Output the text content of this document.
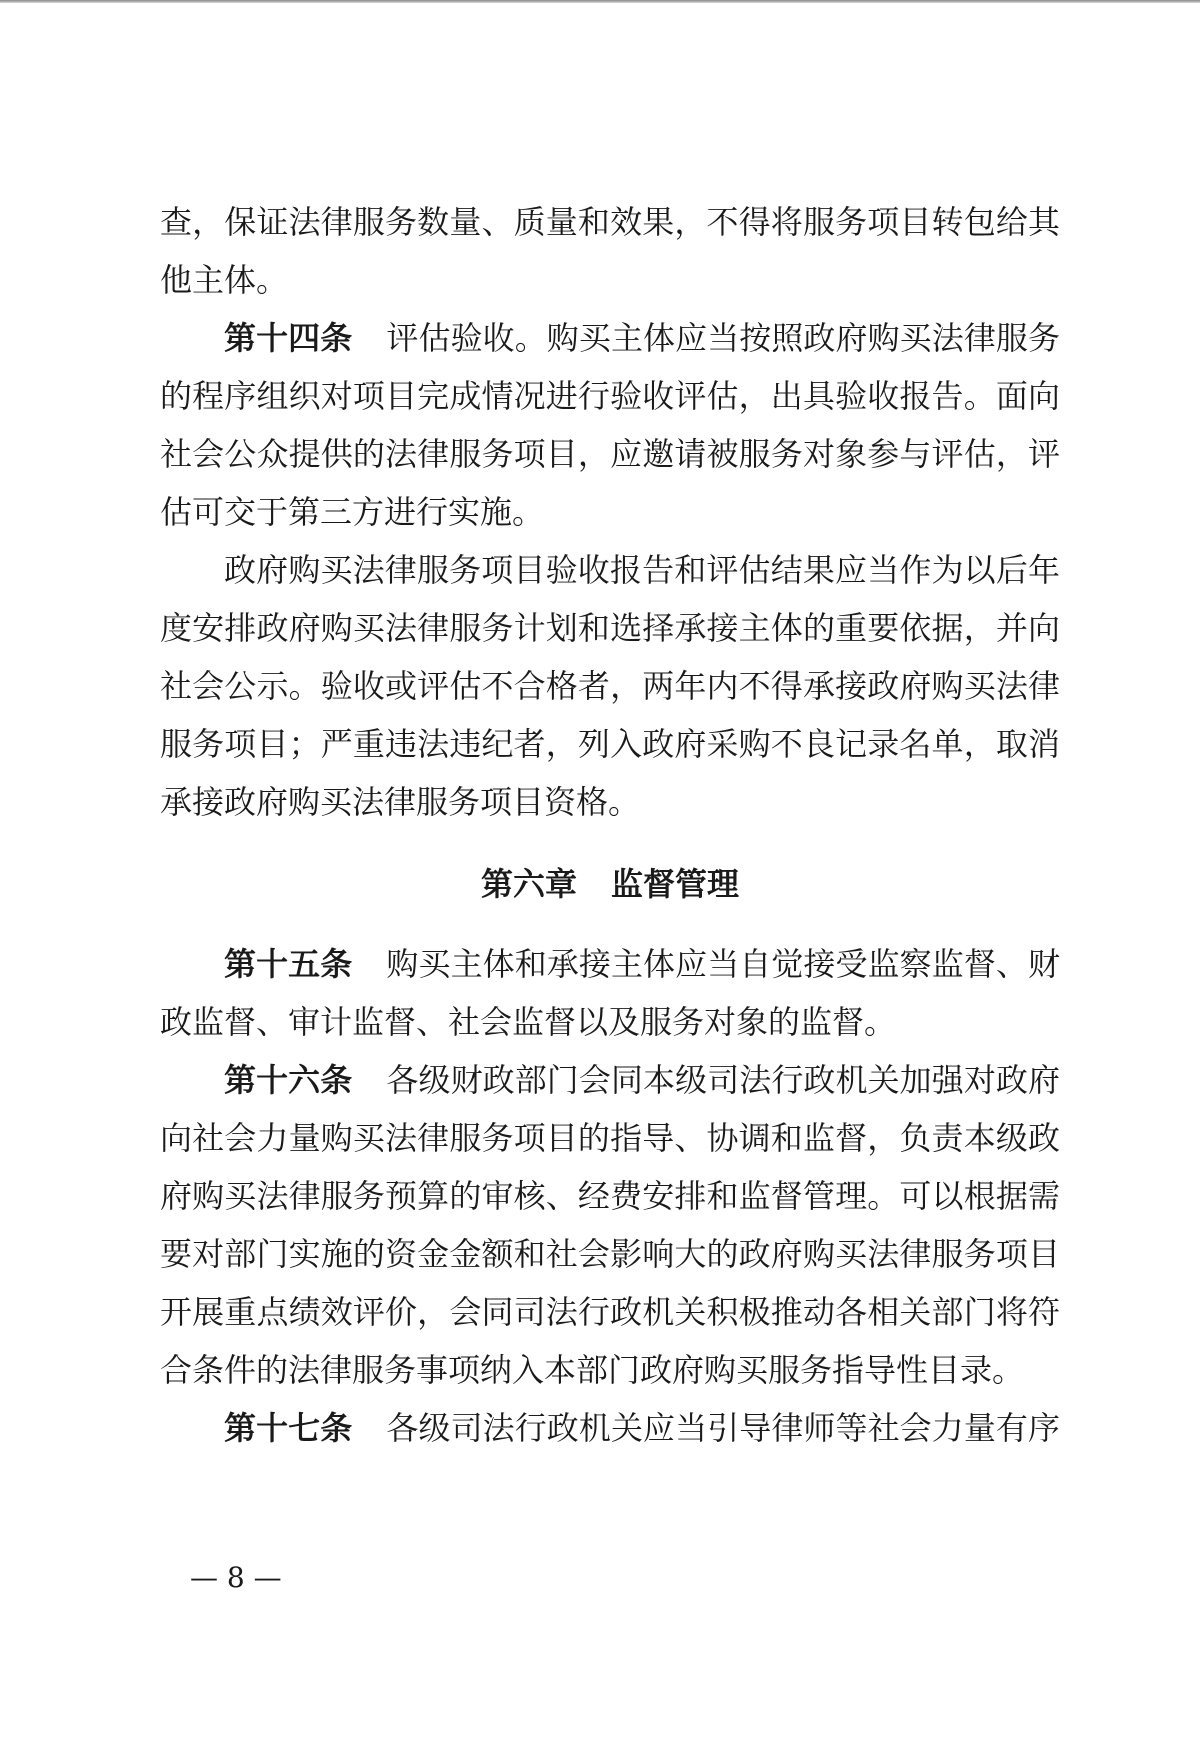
查，保证法律服务数量、质量和效果，不得将服务项目转包给其
他主体。
第十四条 评估验收。购买主体应当按照政府购买法律服务
的程序组织对项目完成情况进行验收评估，出具验收报告。面向
社会公众提供的法律服务项目，应邀请被服务对象参与评估，评
估可交于第三方进行实施。
政府购买法律服务项目验收报告和评估结果应当作为以后年
度安排政府购买法律服务计划和选择承接主体的重要依据，并向
社会公示。验收或评估不合格者，两年内不得承接政府购买法律
服务项目；严重违法违纪者，列入政府采购不良记录名单，取消
承接政府购买法律服务项目资格。
第六章 监督管理
第十五条 购买主体和承接主体应当自觉接受监察监督、财
政监督、审计监督、社会监督以及服务对象的监督。
第十六条 各级财政部门会同本级司法行政机关加强对政府
向社会力量购买法律服务项目的指导、协调和监督，负责本级政
府购买法律服务预算的审核、经费安排和监督管理。可以根据需
要对部门实施的资金金额和社会影响大的政府购买法律服务项目
开展重点绩效评价，会同司法行政机关积极推动各相关部门将符
合条件的法律服务事项纳入本部门政府购买服务指导性目录。
第十七条 各级司法行政机关应当引导律师等社会力量有序
— 8 —
